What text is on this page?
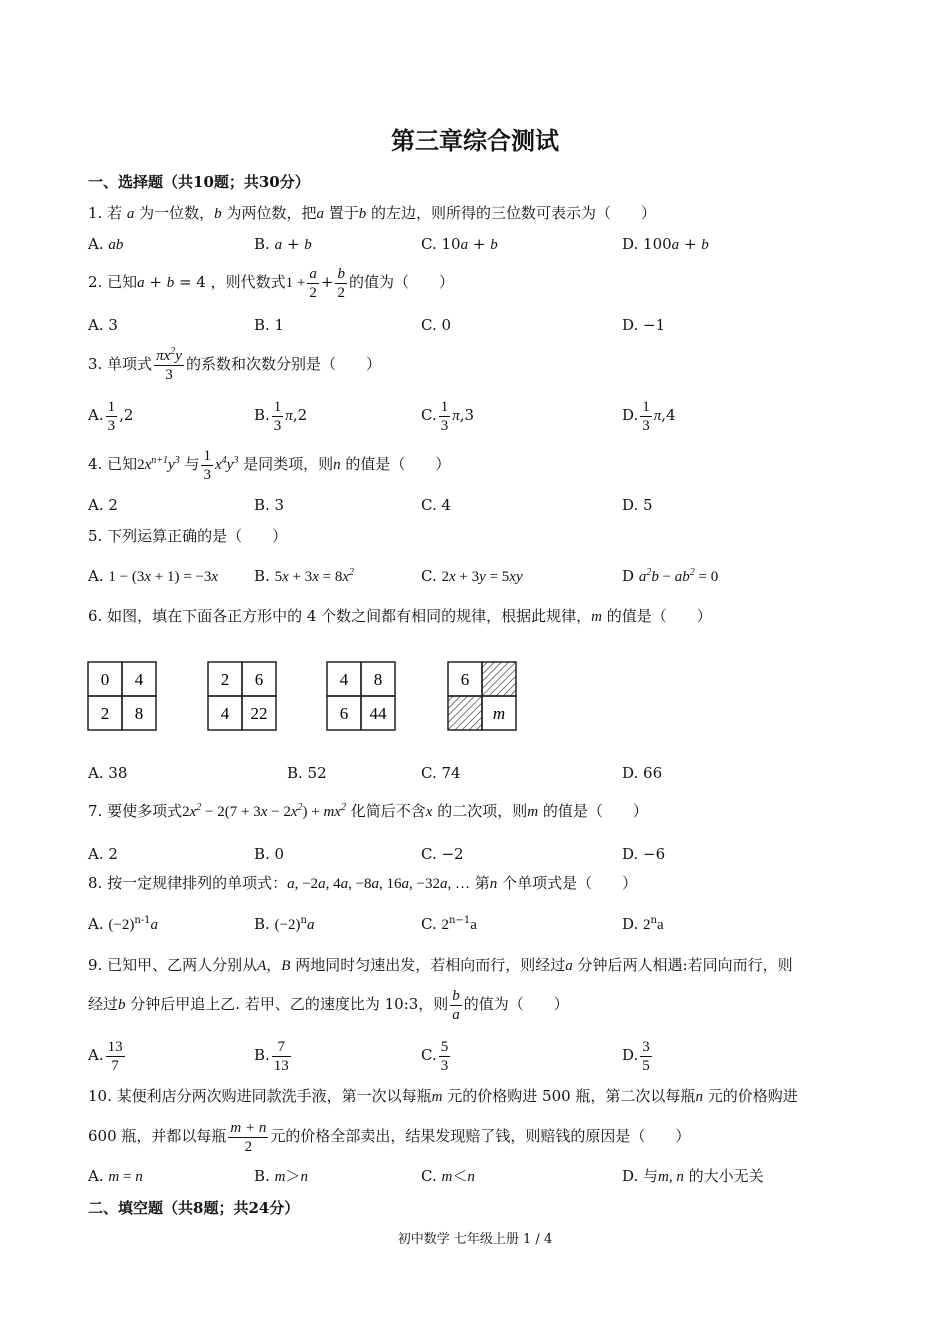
第三章综合测试
一、选择题（共10题；共30分）
1. 若 a 为一位数，b 为两位数，把a 置于b 的左边，则所得的三位数可表示为（　　）
A. ab	B. a + b	C. 10a + b	D. 100a + b
2. 已知a + b = 4 ，则代数式$1 + \frac{a}{2} + \frac{b}{2}$ 的值为（　　）
A. 3	B. 1	C. 0	D. −1
3. 单项式 $\frac{\pi x^2y}{3}$ 的系数和次数分别是（　　）
A. $\frac{1}{3} ,2$	B. $\frac{1}{3} \pi,2$	C. $\frac{1}{3} \pi,3$	D. $\frac{1}{3} \pi,4$
4. 已知$2x^{n+1}y^3$ 与 $\frac{1}{3} x^4y^3$ 是同类项，则n 的值是（　　）
A. 2	B. 3	C. 4	D. 5
5. 下列运算正确的是（　　）
A. 1 − (3x + 1) = −3x B. $5x + 3x = 8x^2$	C. 2x + 3y = 5xy	D $a^2b - ab^2 = 0$
6. 如图，填在下面各正方形中的 4 个数之间都有相同的规律，根据此规律，m 的值是（　　）
0 4
2 8
2 6
4 22
4 8
6 44
6
m
A. 38	B. 52	C. 74	D. 66
7. 要使多项式$2x^2 - 2(7 + 3x - 2x^2) + mx^2$ 化简后不含x 的二次项，则m 的值是（　　）
A. 2	B. 0	C. −2	D. −6
8. 按一定规律排列的单项式：a, −2a, 4a, −8a, 16a, −32a, … 第n 个单项式是（　　）
A. $(-2)^{n-1}a$	B. $(-2)^na$	C. $2^{n-1}a$	D. 2$^n$a
9. 已知甲、乙两人分别从A，B 两地同时匀速出发，若相向而行，则经过a 分钟后两人相遇:若同向而行，则
经过b 分钟后甲追上乙. 若甲、乙的速度比为 10:3，则 $\frac{b}{a}$ 的值为（　　）
A. $\frac{13}{7}$	B. $\frac{7}{13}$	C. $\frac{5}{3}$	D. $\frac{3}{5}$
10. 某便利店分两次购进同款洗手液，第一次以每瓶m 元的价格购进 500 瓶，第二次以每瓶n 元的价格购进
600 瓶，并都以每瓶 $\frac{m + n}{2}$ 元的价格全部卖出，结果发现赔了钱，则赔钱的原因是（　　）
A. m = n	B. m＞n	C. m＜n	D. 与m, n 的大小无关
二、填空题（共8题；共24分）
初中数学 七年级上册 1 / 4
